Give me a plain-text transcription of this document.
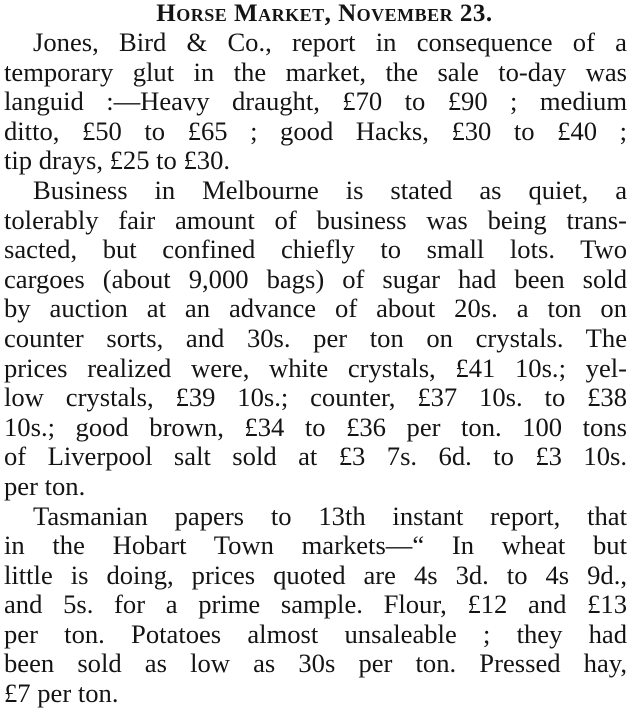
Horse Market, November 23.
Jones, Bird & Co., report in consequence of a
temporary glut in the market, the sale to-day was
languid :—Heavy draught, £70 to £90 ; medium
ditto, £50 to £65 ; good Hacks, £30 to £40 ;
tip drays, £25 to £30.
Business in Melbourne is stated as quiet, a
tolerably fair amount of business was being trans-
sacted, but confined chiefly to small lots. Two
cargoes (about 9,000 bags) of sugar had been sold
by auction at an advance of about 20s. a ton on
counter sorts, and 30s. per ton on crystals. The
prices realized were, white crystals, £41 10s.; yel-
low crystals, £39 10s.; counter, £37 10s. to £38
10s.; good brown, £34 to £36 per ton. 100 tons
of Liverpool salt sold at £3 7s. 6d. to £3 10s.
per ton.
Tasmanian papers to 13th instant report, that
in the Hobart Town markets—“ In wheat but
little is doing, prices quoted are 4s 3d. to 4s 9d.,
and 5s. for a prime sample. Flour, £12 and £13
per ton. Potatoes almost unsaleable ; they had
been sold as low as 30s per ton. Pressed hay,
£7 per ton.
